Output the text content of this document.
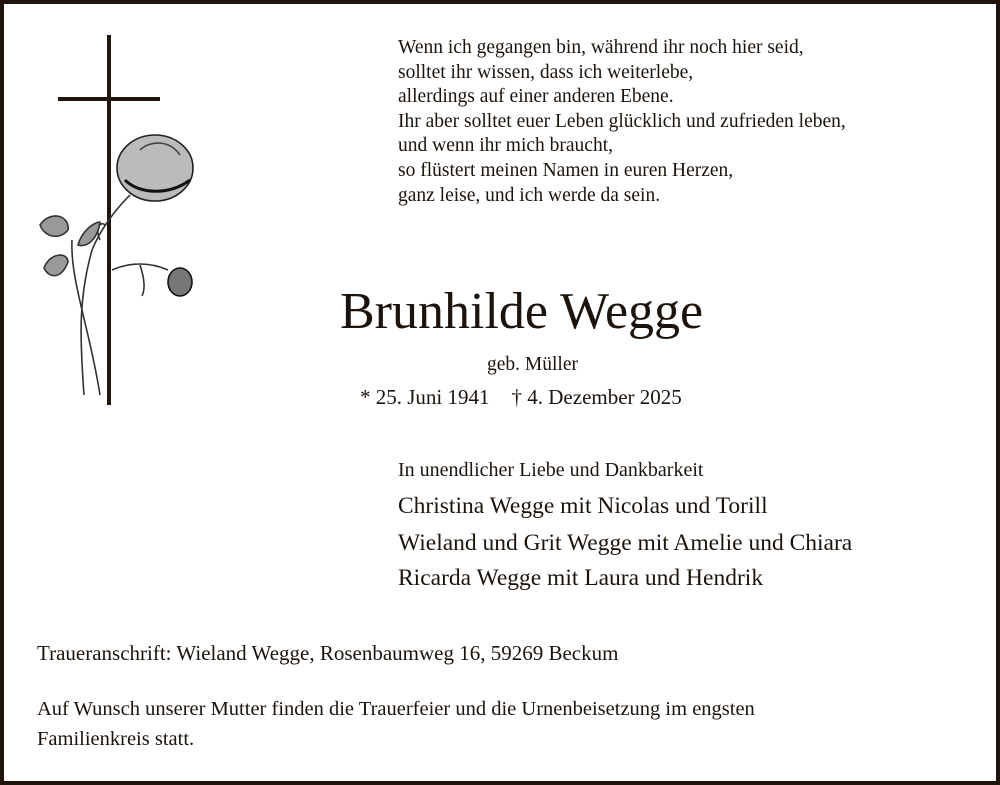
Wenn ich gegangen bin, während ihr noch hier seid,
solltet ihr wissen, dass ich weiterlebe,
allerdings auf einer anderen Ebene.
Ihr aber solltet euer Leben glücklich und zufrieden leben,
und wenn ihr mich braucht,
so flüstert meinen Namen in euren Herzen,
ganz leise, und ich werde da sein.
Brunhilde Wegge
geb. Müller
* 25. Juni 1941 † 4. Dezember 2025
In unendlicher Liebe und Dankbarkeit
Christina Wegge mit Nicolas und Torill
Wieland und Grit Wegge mit Amelie und Chiara
Ricarda Wegge mit Laura und Hendrik
Traueranschrift: Wieland Wegge, Rosenbaumweg 16, 59269 Beckum
Auf Wunsch unserer Mutter finden die Trauerfeier und die Urnenbeisetzung im engsten
Familienkreis statt.
